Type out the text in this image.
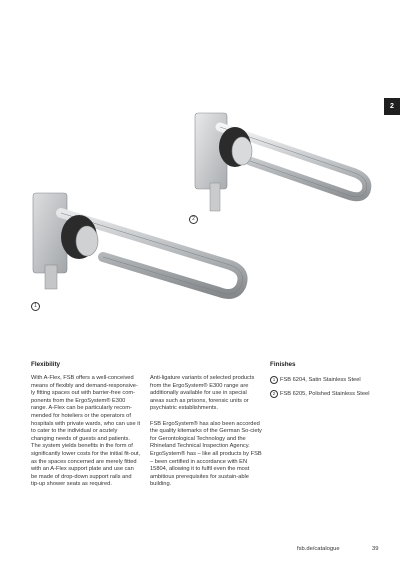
2
2
1
Flexibility

With A-Flex, FSB offers a well-conceived means of flexibly and demand-responsive-ly fitting spaces out with barrier-free com-ponents from the ErgoSystem® E300 range. A-Flex can be particularly recom-mended for hoteliers or the operators of hospitals with private wards, who can use it to cater to the individual or acutely changing needs of guests and patients. The system yields benefits in the form of significantly lower costs for the initial fit-out, as the spaces concerned are merely fitted with an A-Flex support plate and use can be made of drop-down support rails and tip-up shower seats as required.

Anti-ligature variants of selected products from the ErgoSystem® E300 range are additionally available for use in special areas such as prisons, forensic units or psychiatric establishments.

FSB ErgoSystem® has also been accorded the quality kitemarks of the German So-ciety for Gerontological Technology and the Rhineland Technical Inspection Agency. ErgoSystem® has – like all products by FSB – been certified in accordance with EN 15804, allowing it to fulfil even the most ambitious prerequisites for sustain-able building.

Finishes
1 FSB 6204, Satin Stainless Steel
2 FSB 6205, Polished Stainless Steel
fsb.de/catalogue	39
